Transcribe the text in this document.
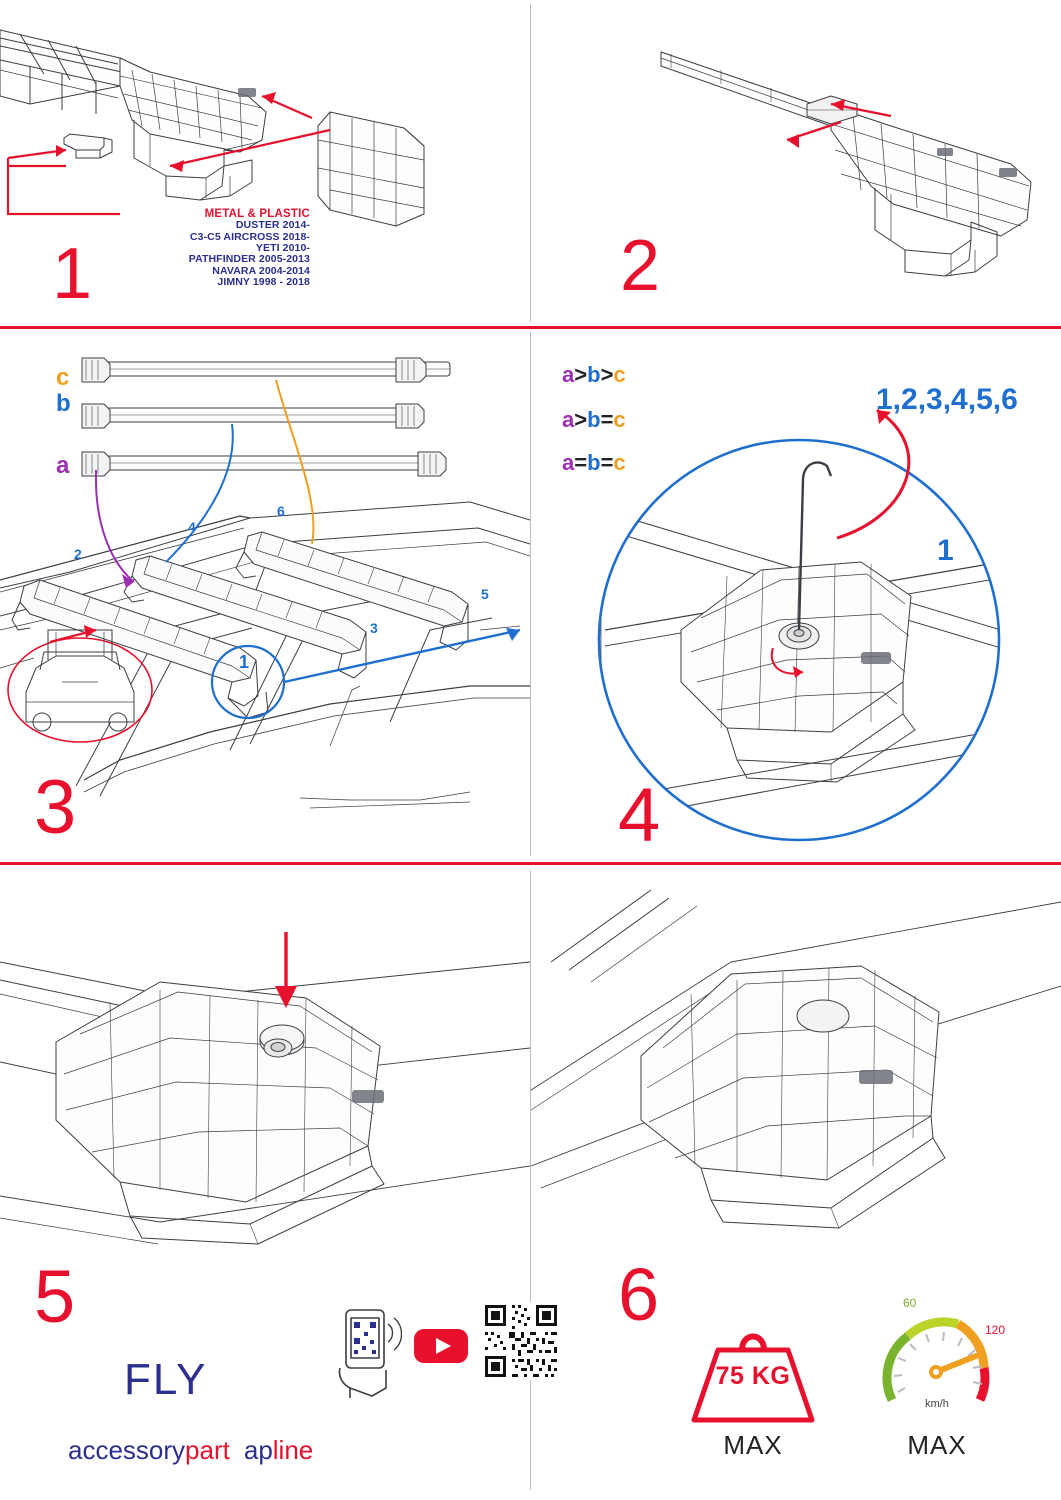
METAL & PLASTIC
DUSTER 2014-
C3-C5 AIRCROSS 2018-
YETI 2010-
PATHFINDER 2005-2013
NAVARA 2004-2014
JIMNY 1998 - 2018
1	2
c
b
a
a>b>c
a>b=c
a=b=c
2
4
6
5
3
1
3
1,2,3,4,5,6
1
4
5
FLY
accessorypart apline
6
75 KG
MAX
60
120
km/h
MAX
